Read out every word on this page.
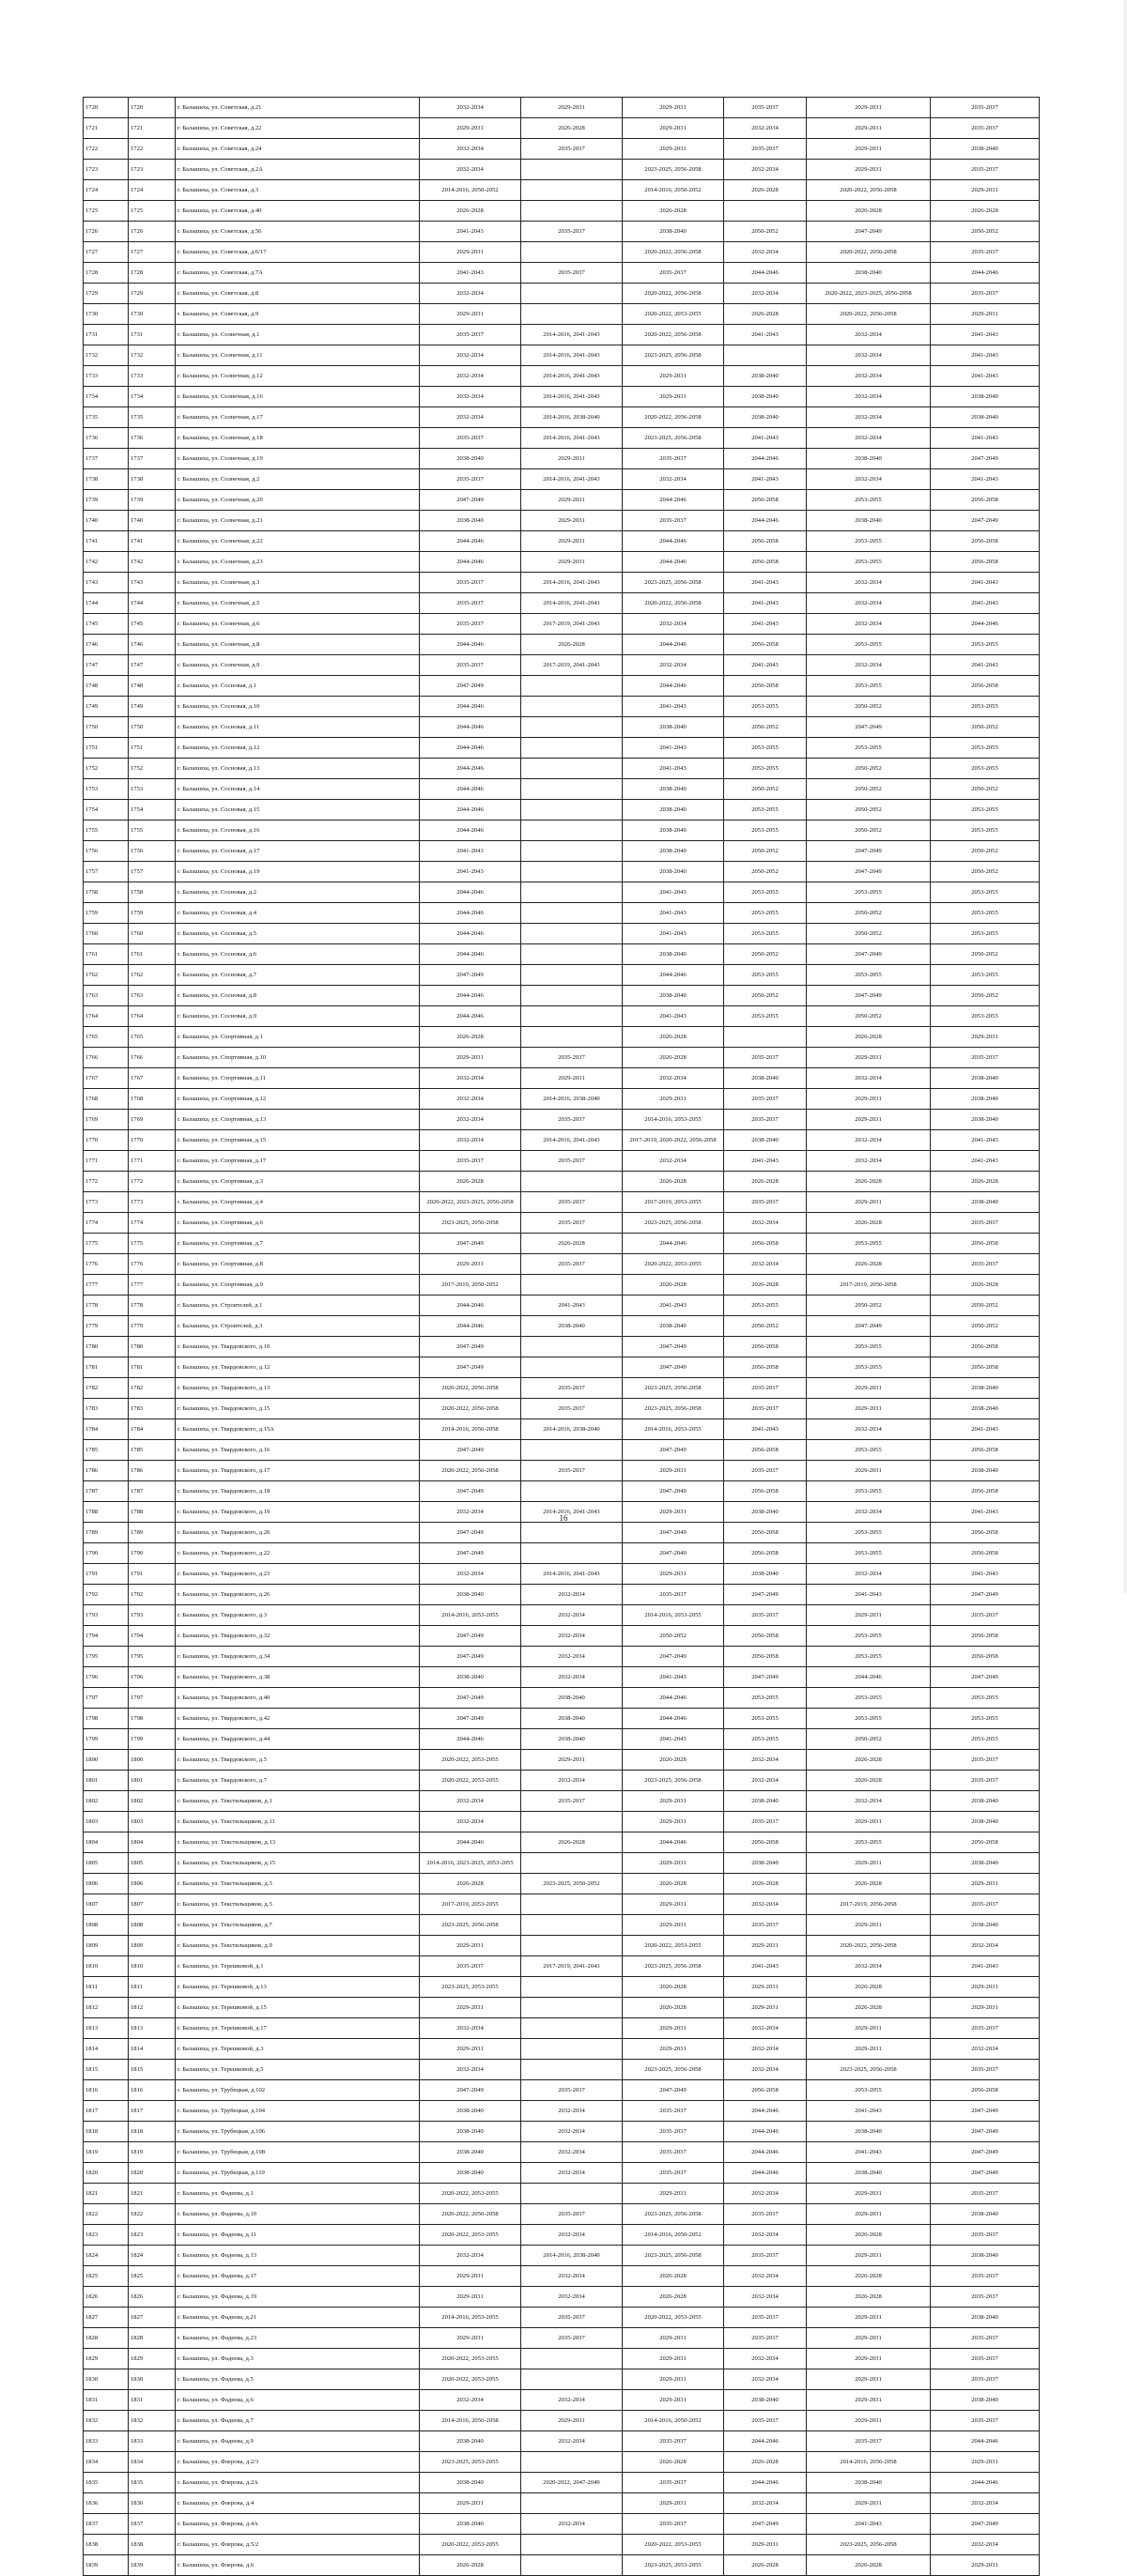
1720	1720	г. Балашиха, ул. Советская, д.21	2032-2034	2029-2031	2029-2031	2035-2037	2029-2031	2035-2037
1721	1721	г. Балашиха, ул. Советская, д.22	2029-2031	2026-2028	2029-2031	2032-2034	2029-2031	2035-2037
1722	1722	г. Балашиха, ул. Советская, д.24	2032-2034	2035-2037	2029-2031	2035-2037	2029-2031	2038-2040
1723	1723	г. Балашиха, ул. Советская, д.2А	2032-2034		2023-2025, 2056-2058	2032-2034	2029-2031	2035-2037
1724	1724	г. Балашиха, ул. Советская, д.3	2014-2016, 2050-2052		2014-2016, 2050-2052	2026-2028	2020-2022, 2056-2058	2029-2031
1725	1725	г. Балашиха, ул. Советская, д.40	2026-2028		2026-2028		2026-2028	2026-2028
1726	1726	г. Балашиха, ул. Советская, д.56	2041-2043	2035-2037	2038-2040	2050-2052	2047-2049	2050-2052
1727	1727	г. Балашиха, ул. Советская, д.6/17	2029-2031		2020-2022, 2056-2058	2032-2034	2020-2022, 2056-2058	2035-2037
1728	1728	г. Балашиха, ул. Советская, д.7А	2041-2043	2035-2037	2035-2037	2044-2046	2038-2040	2044-2046
1729	1729	г. Балашиха, ул. Советская, д.8	2032-2034		2020-2022, 2056-2058	2032-2034	2020-2022, 2023-2025, 2056-2058	2035-2037
1730	1730	г. Балашиха, ул. Советская, д.9	2029-2031		2020-2022, 2053-2055	2026-2028	2020-2022, 2056-2058	2029-2031
1731	1731	г. Балашиха, ул. Солнечная, д.1	2035-2037	2014-2016, 2041-2043	2020-2022, 2056-2058	2041-2043	2032-2034	2041-2043
1732	1732	г. Балашиха, ул. Солнечная, д.11	2032-2034	2014-2016, 2041-2043	2023-2025, 2056-2058		2032-2034	2041-2043
1733	1733	г. Балашиха, ул. Солнечная, д.12	2032-2034	2014-2016, 2041-2043	2029-2031	2038-2040	2032-2034	2041-2043
1734	1734	г. Балашиха, ул. Солнечная, д.16	2032-2034	2014-2016, 2041-2043	2029-2031	2038-2040	2032-2034	2038-2040
1735	1735	г. Балашиха, ул. Солнечная, д.17	2032-2034	2014-2016, 2038-2040	2020-2022, 2056-2058	2038-2040	2032-2034	2038-2040
1736	1736	г. Балашиха, ул. Солнечная, д.18	2035-2037	2014-2016, 2041-2043	2023-2025, 2056-2058	2041-2043	2032-2034	2041-2043
1737	1737	г. Балашиха, ул. Солнечная, д.19	2038-2040	2029-2031	2035-2037	2044-2046	2038-2040	2047-2049
1738	1738	г. Балашиха, ул. Солнечная, д.2	2035-2037	2014-2016, 2041-2043	2032-2034	2041-2043	2032-2034	2041-2043
1739	1739	г. Балашиха, ул. Солнечная, д.20	2047-2049	2029-2031	2044-2046	2056-2058	2053-2055	2056-2058
1740	1740	г. Балашиха, ул. Солнечная, д.21	2038-2040	2029-2031	2035-2037	2044-2046	2038-2040	2047-2049
1741	1741	г. Балашиха, ул. Солнечная, д.22	2044-2046	2029-2031	2044-2046	2056-2058	2053-2055	2056-2058
1742	1742	г. Балашиха, ул. Солнечная, д.23	2044-2046	2029-2031	2044-2046	2056-2058	2053-2055	2056-2058
1743	1743	г. Балашиха, ул. Солнечная, д.3	2035-2037	2014-2016, 2041-2043	2023-2025, 2056-2058	2041-2043	2032-2034	2041-2043
1744	1744	г. Балашиха, ул. Солнечная, д.5	2035-2037	2014-2016, 2041-2043	2020-2022, 2056-2058	2041-2043	2032-2034	2041-2043
1745	1745	г. Балашиха, ул. Солнечная, д.6	2035-2037	2017-2019, 2041-2043	2032-2034	2041-2043	2032-2034	2044-2046
1746	1746	г. Балашиха, ул. Солнечная, д.8	2044-2046	2026-2028	2044-2046	2056-2058	2053-2055	2053-2055
1747	1747	г. Балашиха, ул. Солнечная, д.9	2035-2037	2017-2019, 2041-2043	2032-2034	2041-2043	2032-2034	2041-2043
1748	1748	г. Балашиха, ул. Сосновая, д.1	2047-2049		2044-2046	2056-2058	2053-2055	2056-2058
1749	1749	г. Балашиха, ул. Сосновая, д.10	2044-2046		2041-2043	2053-2055	2050-2052	2053-2055
1750	1750	г. Балашиха, ул. Сосновая, д.11	2044-2046		2038-2040	2050-2052	2047-2049	2050-2052
1751	1751	г. Балашиха, ул. Сосновая, д.12	2044-2046		2041-2043	2053-2055	2053-2055	2053-2055
1752	1752	г. Балашиха, ул. Сосновая, д.13	2044-2046		2041-2043	2053-2055	2050-2052	2053-2055
1753	1753	г. Балашиха, ул. Сосновая, д.14	2044-2046		2038-2040	2050-2052	2050-2052	2050-2052
1754	1754	г. Балашиха, ул. Сосновая, д.15	2044-2046		2038-2040	2053-2055	2050-2052	2053-2055
1755	1755	г. Балашиха, ул. Сосновая, д.16	2044-2046		2038-2040	2053-2055	2050-2052	2053-2055
1756	1756	г. Балашиха, ул. Сосновая, д.17	2041-2043		2038-2040	2050-2052	2047-2049	2050-2052
1757	1757	г. Балашиха, ул. Сосновая, д.19	2041-2043		2038-2040	2050-2052	2047-2049	2050-2052
1758	1758	г. Балашиха, ул. Сосновая, д.2	2044-2046		2041-2043	2053-2055	2053-2055	2053-2055
1759	1759	г. Балашиха, ул. Сосновая, д.4	2044-2046		2041-2043	2053-2055	2050-2052	2053-2055
1760	1760	г. Балашиха, ул. Сосновая, д.5	2044-2046		2041-2043	2053-2055	2050-2052	2053-2055
1761	1761	г. Балашиха, ул. Сосновая, д.6	2044-2046		2038-2040	2050-2052	2047-2049	2050-2052
1762	1762	г. Балашиха, ул. Сосновая, д.7	2047-2049		2044-2046	2053-2055	2053-2055	2053-2055
1763	1763	г. Балашиха, ул. Сосновая, д.8	2044-2046		2038-2040	2050-2052	2047-2049	2050-2052
1764	1764	г. Балашиха, ул. Сосновая, д.9	2044-2046		2041-2043	2053-2055	2050-2052	2053-2055
1765	1765	г. Балашиха, ул. Спортивная, д.1	2026-2028		2026-2028		2026-2028	2029-2031
1766	1766	г. Балашиха, ул. Спортивная, д.10	2029-2031	2035-2037	2026-2028	2035-2037	2029-2031	2035-2037
1767	1767	г. Балашиха, ул. Спортивная, д.11	2032-2034	2029-2031	2032-2034	2038-2040	2032-2034	2038-2040
1768	1768	г. Балашиха, ул. Спортивная, д.12	2032-2034	2014-2016, 2038-2040	2029-2031	2035-2037	2029-2031	2038-2040
1769	1769	г. Балашиха, ул. Спортивная, д.13	2032-2034	2035-2037	2014-2016, 2053-2055	2035-2037	2029-2031	2038-2040
1770	1770	г. Балашиха, ул. Спортивная, д.15	2032-2034	2014-2016, 2041-2043	2017-2019, 2020-2022, 2056-2058	2038-2040	2032-2034	2041-2043
1771	1771	г. Балашиха, ул. Спортивная, д.17	2035-2037	2035-2037	2032-2034	2041-2043	2032-2034	2041-2043
1772	1772	г. Балашиха, ул. Спортивная, д.3	2026-2028		2026-2028	2026-2028	2026-2028	2026-2028
1773	1773	г. Балашиха, ул. Спортивная, д.4	2020-2022, 2023-2025, 2056-2058	2035-2037	2017-2019, 2053-2055	2035-2037	2029-2031	2038-2040
1774	1774	г. Балашиха, ул. Спортивная, д.6	2023-2025, 2056-2058	2035-2037	2023-2025, 2056-2058	2032-2034	2026-2028	2035-2037
1775	1775	г. Балашиха, ул. Спортивная, д.7	2047-2049	2026-2028	2044-2046	2056-2058	2053-2055	2056-2058
1776	1776	г. Балашиха, ул. Спортивная, д.8	2029-2031	2035-2037	2020-2022, 2053-2055	2032-2034	2026-2028	2035-2037
1777	1777	г. Балашиха, ул. Спортивная, д.9	2017-2019, 2050-2052		2026-2028	2026-2028	2017-2019, 2056-2058	2026-2028
1778	1778	г. Балашиха, ул. Строителей, д.1	2044-2046	2041-2043	2041-2043	2053-2055	2050-2052	2050-2052
1779	1779	г. Балашиха, ул. Строителей, д.3	2044-2046	2038-2040	2038-2040	2050-2052	2047-2049	2050-2052
1780	1780	г. Балашиха, ул. Твардовского, д.10	2047-2049		2047-2049	2056-2058	2053-2055	2056-2058
1781	1781	г. Балашиха, ул. Твардовского, д.12	2047-2049		2047-2049	2056-2058	2053-2055	2056-2058
1782	1782	г. Балашиха, ул. Твардовского, д.13	2020-2022, 2056-2058	2035-2037	2023-2025, 2056-2058	2035-2037	2029-2031	2038-2040
1783	1783	г. Балашиха, ул. Твардовского, д.15	2020-2022, 2056-2058	2035-2037	2023-2025, 2056-2058	2035-2037	2029-2031	2038-2040
1784	1784	г. Балашиха, ул. Твардовского, д.15А	2014-2016, 2056-2058	2014-2016, 2038-2040	2014-2016, 2053-2055	2041-2043	2032-2034	2041-2043
1785	1785	г. Балашиха, ул. Твардовского, д.16	2047-2049		2047-2049	2056-2058	2053-2055	2056-2058
1786	1786	г. Балашиха, ул. Твардовского, д.17	2020-2022, 2056-2058	2035-2037	2029-2031	2035-2037	2029-2031	2038-2040
1787	1787	г. Балашиха, ул. Твардовского, д.18	2047-2049		2047-2049	2056-2058	2053-2055	2056-2058
1788	1788	г. Балашиха, ул. Твардовского, д.19	2032-2034	2014-2016, 2041-2043	2029-2031	2038-2040	2032-2034	2041-2043
1789	1789	г. Балашиха, ул. Твардовского, д.20	2047-2049		2047-2049	2056-2058	2053-2055	2056-2058
1790	1790	г. Балашиха, ул. Твардовского, д.22	2047-2049		2047-2049	2056-2058	2053-2055	2056-2058
1791	1791	г. Балашиха, ул. Твардовского, д.23	2032-2034	2014-2016, 2041-2043	2029-2031	2038-2040	2032-2034	2041-2043
1792	1792	г. Балашиха, ул. Твардовского, д.26	2038-2040	2032-2034	2035-2037	2047-2049	2041-2043	2047-2049
1793	1793	г. Балашиха, ул. Твардовского, д.3	2014-2016, 2053-2055	2032-2034	2014-2016, 2053-2055	2035-2037	2029-2031	2035-2037
1794	1794	г. Балашиха, ул. Твардовского, д.32	2047-2049	2032-2034	2050-2052	2056-2058	2053-2055	2056-2058
1795	1795	г. Балашиха, ул. Твардовского, д.34	2047-2049	2032-2034	2047-2049	2056-2058	2053-2055	2056-2058
1796	1796	г. Балашиха, ул. Твардовского, д.38	2038-2040	2032-2034	2041-2043	2047-2049	2044-2046	2047-2049
1797	1797	г. Балашиха, ул. Твардовского, д.40	2047-2049	2038-2040	2044-2046	2053-2055	2053-2055	2053-2055
1798	1798	г. Балашиха, ул. Твардовского, д.42	2047-2049	2038-2040	2044-2046	2053-2055	2053-2055	2053-2055
1799	1799	г. Балашиха, ул. Твардовского, д.44	2044-2046	2038-2040	2041-2043	2053-2055	2050-2052	2053-2055
1800	1800	г. Балашиха, ул. Твардовского, д.5	2020-2022, 2053-2055	2029-2031	2026-2028	2032-2034	2026-2028	2035-2037
1801	1801	г. Балашиха, ул. Твардовского, д.7	2020-2022, 2053-2055	2032-2034	2023-2025, 2056-2058	2032-2034	2026-2028	2035-2037
1802	1802	г. Балашиха, ул. Текстильщиков, д.1	2032-2034	2035-2037	2029-2031	2038-2040	2032-2034	2038-2040
1803	1803	г. Балашиха, ул. Текстильщиков, д.11	2032-2034		2029-2031	2035-2037	2029-2031	2038-2040
1804	1804	г. Балашиха, ул. Текстильщиков, д.13	2044-2046	2026-2028	2044-2046	2056-2058	2053-2055	2056-2058
1805	1805	г. Балашиха, ул. Текстильщиков, д.15	2014-2016, 2023-2025, 2053-2055		2029-2031	2038-2040	2029-2031	2038-2040
1806	1806	г. Балашиха, ул. Текстильщиков, д.3	2026-2028	2023-2025, 2050-2052	2026-2028	2026-2028	2026-2028	2029-2031
1807	1807	г. Балашиха, ул. Текстильщиков, д.5	2017-2019, 2053-2055		2029-2031	2032-2034	2017-2019, 2056-2058	2035-2037
1808	1808	г. Балашиха, ул. Текстильщиков, д.7	2023-2025, 2056-2058		2029-2031	2035-2037	2029-2031	2038-2040
1809	1809	г. Балашиха, ул. Текстильщиков, д.9	2029-2031		2020-2022, 2053-2055	2029-2031	2020-2022, 2056-2058	2032-2034
1810	1810	г. Балашиха, ул. Терешковой, д.1	2035-2037	2017-2019, 2041-2043	2023-2025, 2056-2058	2041-2043	2032-2034	2041-2043
1811	1811	г. Балашиха, ул. Терешковой, д.13	2023-2025, 2053-2055		2026-2028	2029-2031	2026-2028	2029-2031
1812	1812	г. Балашиха, ул. Терешковой, д.15	2029-2031		2026-2028	2029-2031	2026-2028	2029-2031
1813	1813	г. Балашиха, ул. Терешковой, д.17	2032-2034		2029-2031	2032-2034	2029-2031	2035-2037
1814	1814	г. Балашиха, ул. Терешковой, д.3	2029-2031		2029-2031	2032-2034	2029-2031	2032-2034
1815	1815	г. Балашиха, ул. Терешковой, д.5	2032-2034		2023-2025, 2056-2058	2032-2034	2023-2025, 2056-2058	2035-2037
1816	1816	г. Балашиха, ул. Трубецкая, д.102	2047-2049	2035-2037	2047-2049	2056-2058	2053-2055	2056-2058
1817	1817	г. Балашиха, ул. Трубецкая, д.104	2038-2040	2032-2034	2035-2037	2044-2046	2041-2043	2047-2049
1818	1818	г. Балашиха, ул. Трубецкая, д.106	2038-2040	2032-2034	2035-2037	2044-2046	2038-2040	2047-2049
1819	1819	г. Балашиха, ул. Трубецкая, д.108	2038-2040	2032-2034	2035-2037	2044-2046	2041-2043	2047-2049
1820	1820	г. Балашиха, ул. Трубецкая, д.110	2038-2040	2032-2034	2035-2037	2044-2046	2038-2040	2047-2049
1821	1821	г. Балашиха, ул. Фадеева, д.1	2020-2022, 2053-2055		2029-2031	2032-2034	2029-2031	2035-2037
1822	1822	г. Балашиха, ул. Фадеева, д.10	2020-2022, 2056-2058	2035-2037	2023-2025, 2056-2058	2035-2037	2029-2031	2038-2040
1823	1823	г. Балашиха, ул. Фадеева, д.11	2020-2022, 2053-2055	2032-2034	2014-2016, 2050-2052	2032-2034	2026-2028	2035-2037
1824	1824	г. Балашиха, ул. Фадеева, д.13	2032-2034	2014-2016, 2038-2040	2023-2025, 2056-2058	2035-2037	2029-2031	2038-2040
1825	1825	г. Балашиха, ул. Фадеева, д.17	2029-2031	2032-2034	2026-2028	2032-2034	2026-2028	2035-2037
1826	1826	г. Балашиха, ул. Фадеева, д.19	2029-2031	2032-2034	2026-2028	2032-2034	2026-2028	2035-2037
1827	1827	г. Балашиха, ул. Фадеева, д.21	2014-2016, 2053-2055	2035-2037	2020-2022, 2053-2055	2035-2037	2029-2031	2038-2040
1828	1828	г. Балашиха, ул. Фадеева, д.23	2029-2031	2035-2037	2029-2031	2035-2037	2029-2031	2035-2037
1829	1829	г. Балашиха, ул. Фадеева, д.3	2020-2022, 2053-2055		2029-2031	2032-2034	2029-2031	2035-2037
1830	1830	г. Балашиха, ул. Фадеева, д.5	2020-2022, 2053-2055		2029-2031	2032-2034	2029-2031	2035-2037
1831	1831	г. Балашиха, ул. Фадеева, д.6	2032-2034	2032-2034	2029-2031	2038-2040	2029-2031	2038-2040
1832	1832	г. Балашиха, ул. Фадеева, д.7	2014-2016, 2056-2058	2029-2031	2014-2016, 2050-2052	2035-2037	2029-2031	2035-2037
1833	1833	г. Балашиха, ул. Фадеева, д.9	2038-2040	2032-2034	2035-2037	2044-2046	2035-2037	2044-2046
1834	1834	г. Балашиха, ул. Флерова, д.2/3	2023-2025, 2053-2055		2026-2028	2026-2028	2014-2016, 2056-2058	2029-2031
1835	1835	г. Балашиха, ул. Флерова, д.2А	2038-2040	2020-2022, 2047-2049	2035-2037	2044-2046	2038-2040	2044-2046
1836	1836	г. Балашиха, ул. Флерова, д.4	2029-2031		2029-2031	2032-2034	2029-2031	2032-2034
1837	1837	г. Балашиха, ул. Флерова, д.4А	2038-2040	2032-2034	2035-2037	2047-2049	2041-2043	2047-2049
1838	1838	г. Балашиха, ул. Флерова, д.5/2	2020-2022, 2053-2055		2020-2022, 2053-2055	2029-2031	2023-2025, 2056-2058	2032-2034
1839	1839	г. Балашиха, ул. Флерова, д.6	2026-2028		2023-2025, 2053-2055	2026-2028	2026-2028	2029-2031
16
